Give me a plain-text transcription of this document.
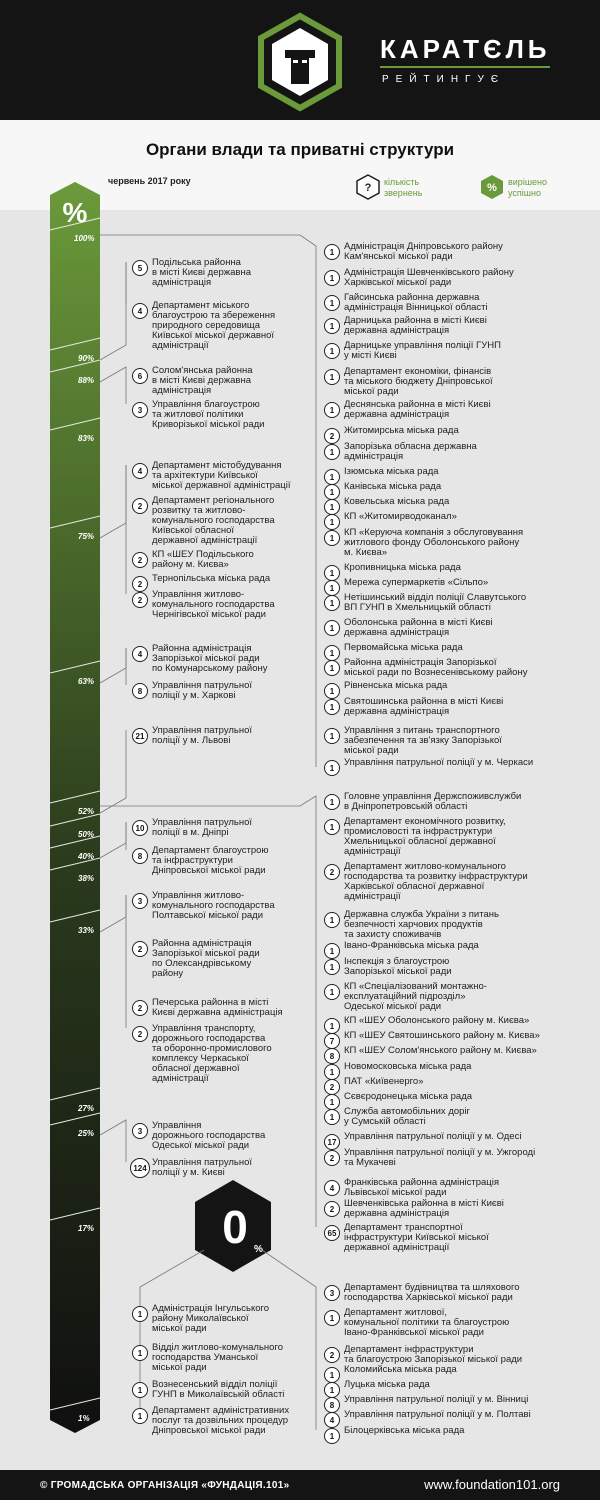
КАРАТЄЛЬ
РЕЙТИНГУЄ
Органи влади та приватні структури
червень 2017 року
? кількість
звернень	% вирішено
успішно
%
0 %
© ГРОМАДСЬКА ОРГАНІЗАЦІЯ «ФУНДАЦІЯ.101»	www.foundation101.org
100%
90%
88%
83%
75%
63%
52%
50%
40%
38%
33%
27%
25%
17%
1%
5
Подільська районна
в місті Києві державна
адміністрація
4
Департамент міського
благоустрою та збереження
природного середовища
Київської міської державної
адміністрації
6
Солом'янська районна
в місті Києві державна
адміністрація
3
Управління благоустрою
та житлової політики
Криворізької міської ради
4
Департамент містобудування
та архітектури Київської
міської державної адміністрації
2
Департамент регіонального
розвитку та житлово-
комунального господарства
Київської обласної
державної адміністрації
2
КП «ШЕУ Подільського
району м. Києва»
2
Тернопільська міська рада
2
Управління житлово-
комунального господарства
Чернігівської міської ради
4
Районна адміністрація
Запорізької міської ради
по Комунарському району
8
Управління патрульної
поліції у м. Харкові
21
Управління патрульної
поліції у м. Львові
10
Управління патрульної
поліції в м. Дніпрі
8
Департамент благоустрою
та інфраструктури
Дніпровської міської ради
3
Управління житлово-
комунального господарства
Полтавської міської ради
2
Районна адміністрація
Запорізької міської ради
по Олександрівському
району
2
Печерська районна в місті
Києві державна адміністрація
2
Управління транспорту,
дорожнього господарства
та оборонно-промислового
комплексу Черкаської
обласної державної
адміністрації
3
Управління
дорожнього господарства
Одеської міської ради
124
Управління патрульної
поліції у м. Києві
1
Адміністрація Інгульського
району Миколаївської
міської ради
1
Відділ житлово-комунального
господарства Уманської
міської ради
1
Вознесенський відділ поліції
ГУНП в Миколаївській області
1
Департамент адміністративних
послуг та дозвільних процедур
Дніпровської міської ради
1
Адміністрація Дніпровського району
Кам'янської міської ради
1
Адміністрація Шевченківського району
Харківської міської ради
1
Гайсинська районна державна
адміністрація Вінницької області
1
Дарницька районна в місті Києві
державна адміністрація
1
Дарницьке управління поліції ГУНП
у місті Києві
1
Департамент економіки, фінансів
та міського бюджету Дніпровської
міської ради
1
Деснянська районна в місті Києві
державна адміністрація
2
Житомирська міська рада
1
Запорізька обласна державна
адміністрація
1
Ізюмська міська рада
1
Канівська міська рада
1
Ковельська міська рада
1
КП «Житомирводоканал»
1
КП «Керуюча компанія з обслуговування
житлового фонду Оболонського району
м. Києва»
1
Кропивницька міська рада
1
Мережа супермаркетів «Сільпо»
1
Нетішинський відділ поліції Славутського
ВП ГУНП в Хмельницькій області
1
Оболонська районна в місті Києві
державна адміністрація
1
Первомайська міська рада
1
Районна адміністрація Запорізької
міської ради по Вознесенівському району
1
Рівненська міська рада
1
Святошинська районна в місті Києві
державна адміністрація
1
Управління з питань транспортного
забезпечення та зв'язку Запорізької
міської ради
1
Управління патрульної поліції у м. Черкаси
1
Головне управління Держспоживслужби
в Дніпропетровській області
1
Департамент економічного розвитку,
промисловості та інфраструктури
Хмельницької обласної державної
адміністрації
2
Департамент житлово-комунального
господарства та розвитку інфраструктури
Харківської обласної державної
адміністрації
1
Державна служба України з питань
безпечності харчових продуктів
та захисту споживачів
1
Івано-Франківська міська рада
1
Інспекція з благоустрою
Запорізької міської ради
1
КП «Спеціалізований монтажно-
експлуатаційний підрозділ»
Одеської міської ради
1
КП «ШЕУ Оболонського району м. Києва»
7
КП «ШЕУ Святошинського району м. Києва»
8
КП «ШЕУ Солом'янського району м. Києва»
1
Новомосковська міська рада
2
ПАТ «Київенерго»
1
Сєвєродонецька міська рада
1
Служба автомобільних доріг
у Сумській області
17
Управління патрульної поліції у м. Одесі
2
Управління патрульної поліції у м. Ужгороді
та Мукачеві
4
Франківська районна адміністрація
Львівської міської ради
2
Шевченківська районна в місті Києві
державна адміністрація
65
Департамент транспортної
інфраструктури Київської міської
державної адміністрації
3
Департамент будівництва та шляхового
господарства Харківської міської ради
1
Департамент житлової,
комунальної політики та благоустрою
Івано-Франківської міської ради
2
Департамент інфраструктури
та благоустрою Запорізької міської ради
1
Коломийська міська рада
1
Луцька міська рада
8
Управління патрульної поліції у м. Вінниці
4
Управління патрульної поліції у м. Полтаві
1
Білоцерківська міська рада
